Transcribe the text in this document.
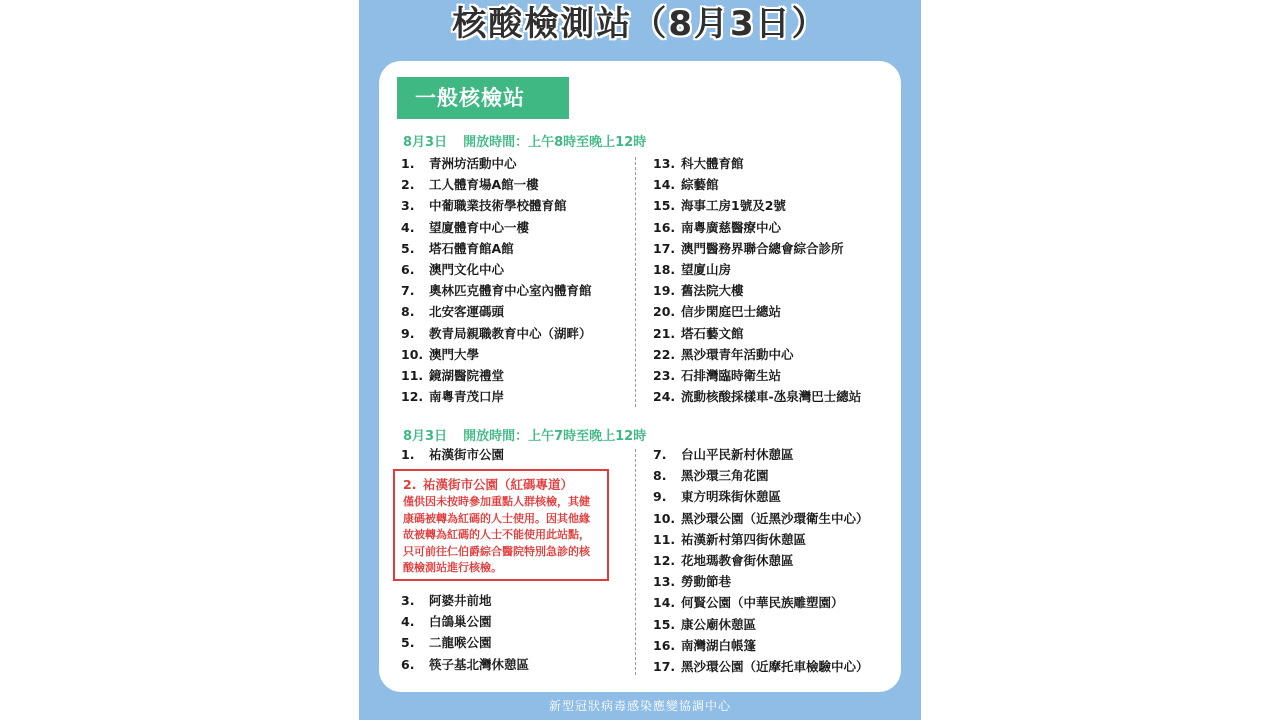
核酸檢測站（8月3日）
一般核檢站
8月3日 開放時間：上午8時至晚上12時
1. 青洲坊活動中心
2. 工人體育場A館一樓
3. 中葡職業技術學校體育館
4. 望廈體育中心一樓
5. 塔石體育館A館
6. 澳門文化中心
7. 奧林匹克體育中心室內體育館
8. 北安客運碼頭
9. 教青局親職教育中心（湖畔）
10. 澳門大學
11. 鏡湖醫院禮堂
12. 南粵青茂口岸
13. 科大體育館
14. 綜藝館
15. 海事工房1號及2號
16. 南粵廣慈醫療中心
17. 澳門醫務界聯合總會綜合診所
18. 望廈山房
19. 舊法院大樓
20. 信步閑庭巴士總站
21. 塔石藝文館
22. 黑沙環青年活動中心
23. 石排灣臨時衛生站
24. 流動核酸採樣車-氹泉灣巴士總站
8月3日 開放時間：上午7時至晚上12時
1. 祐漢街市公園
2. 祐漢街市公園（紅碼專道）
僅供因未按時參加重點人群核檢，其健康碼被轉為紅碼的人士使用。因其他緣故被轉為紅碼的人士不能使用此站點，只可前往仁伯爵綜合醫院特別急診的核酸檢測站進行核檢。
3. 阿婆井前地
4. 白鴿巢公園
5. 二龍喉公園
6. 筷子基北灣休憩區
7. 台山平民新村休憩區
8. 黑沙環三角花園
9. 東方明珠街休憩區
10. 黑沙環公園（近黑沙環衛生中心）
11. 祐漢新村第四街休憩區
12. 花地瑪教會街休憩區
13. 勞動節巷
14. 何賢公園（中華民族雕塑園）
15. 康公廟休憩區
16. 南灣湖白帳篷
17. 黑沙環公園（近摩托車檢驗中心）
新型冠狀病毒感染應變協調中心
